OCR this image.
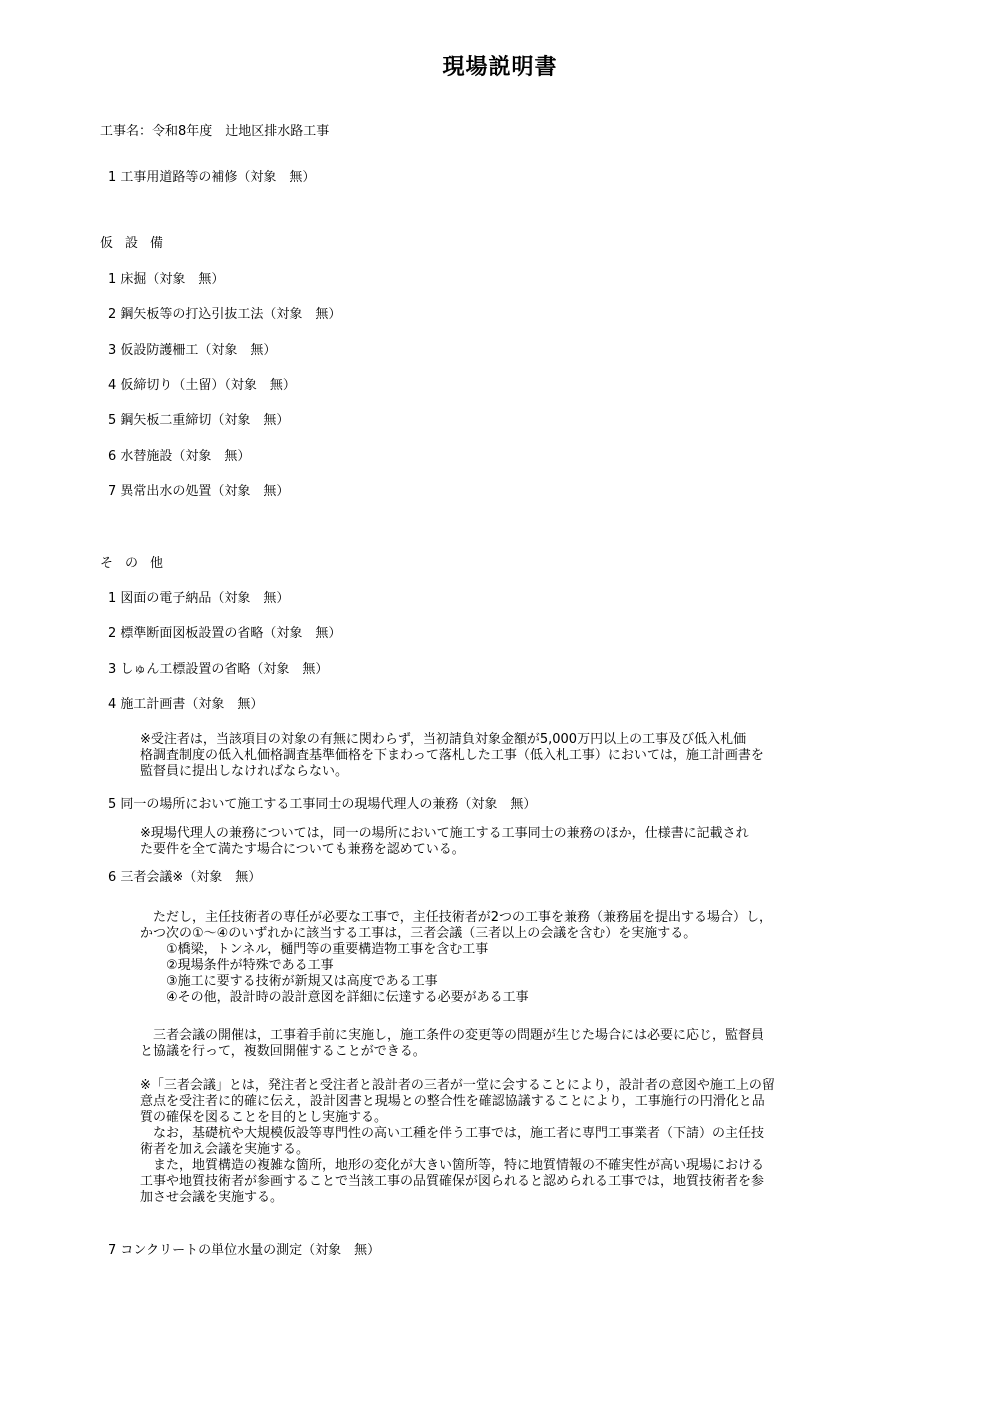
現場説明書
工事名：令和8年度　辻地区排水路工事
1 工事用道路等の補修（対象　無）
仮設備
1 床掘（対象　無）
2 鋼矢板等の打込引抜工法（対象　無）
3 仮設防護柵工（対象　無）
4 仮締切り（土留）（対象　無）
5 鋼矢板二重締切（対象　無）
6 水替施設（対象　無）
7 異常出水の処置（対象　無）
その他
1 図面の電子納品（対象　無）
2 標準断面図板設置の省略（対象　無）
3 しゅん工標設置の省略（対象　無）
4 施工計画書（対象　無）
※受注者は，当該項目の対象の有無に関わらず，当初請負対象金額が5,000万円以上の工事及び低入札価
格調査制度の低入札価格調査基準価格を下まわって落札した工事（低入札工事）においては，施工計画書を
監督員に提出しなければならない。
5 同一の場所において施工する工事同士の現場代理人の兼務（対象　無）
※現場代理人の兼務については，同一の場所において施工する工事同士の兼務のほか，仕様書に記載され
た要件を全て満たす場合についても兼務を認めている。
6 三者会議※（対象　無）
　ただし，主任技術者の専任が必要な工事で，主任技術者が2つの工事を兼務（兼務届を提出する場合）し，
かつ次の①～④のいずれかに該当する工事は，三者会議（三者以上の会議を含む）を実施する。
　　①橋梁，トンネル，樋門等の重要構造物工事を含む工事
　　②現場条件が特殊である工事
　　③施工に要する技術が新規又は高度である工事
　　④その他，設計時の設計意図を詳細に伝達する必要がある工事
　三者会議の開催は，工事着手前に実施し，施工条件の変更等の問題が生じた場合には必要に応じ，監督員
と協議を行って，複数回開催することができる。
※「三者会議」とは，発注者と受注者と設計者の三者が一堂に会することにより，設計者の意図や施工上の留
意点を受注者に的確に伝え，設計図書と現場との整合性を確認協議することにより，工事施行の円滑化と品
質の確保を図ることを目的とし実施する。
　なお，基礎杭や大規模仮設等専門性の高い工種を伴う工事では，施工者に専門工事業者（下請）の主任技
術者を加え会議を実施する。
　また，地質構造の複雑な箇所，地形の変化が大きい箇所等，特に地質情報の不確実性が高い現場における
工事や地質技術者が参画することで当該工事の品質確保が図られると認められる工事では，地質技術者を参
加させ会議を実施する。
7 コンクリートの単位水量の測定（対象　無）
